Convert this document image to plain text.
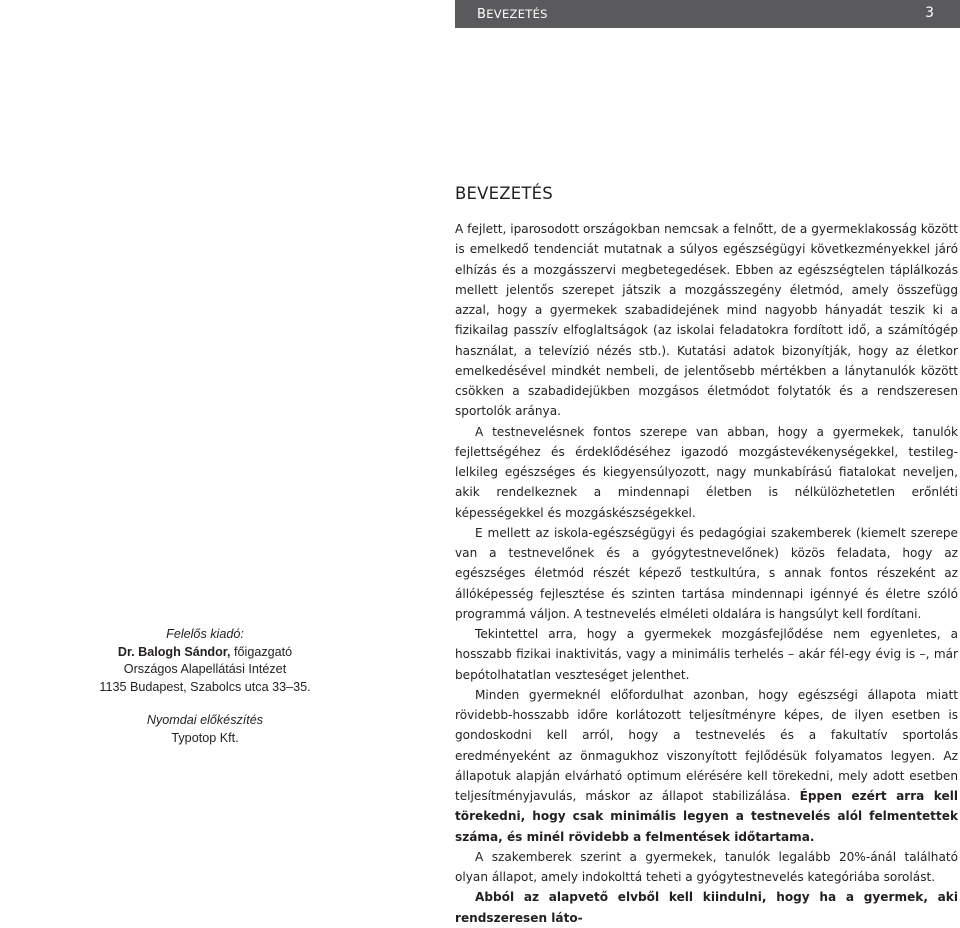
Felelős kiadó:
Dr. Balogh Sándor, főigazgató
Országos Alapellátási Intézet
1135 Budapest, Szabolcs utca 33–35.
Nyomdai előkészítés
Typotop Kft.
BEVEZETÉS	3
BEVEZETÉS

A fejlett, iparosodott országokban nemcsak a felnőtt, de a gyermeklakosság között is emelkedő tendenciát mutatnak a súlyos egészségügyi következményekkel járó elhízás és a mozgásszervi megbetegedések. Ebben az egészségtelen táplálkozás mellett jelentős szerepet játszik a mozgásszegény életmód, amely összefügg azzal, hogy a gyermekek szabadidejének mind nagyobb hányadát teszik ki a fizikailag passzív elfoglaltságok (az iskolai feladatokra fordított idő, a számítógép használat, a televízió nézés stb.). Kutatási adatok bizonyítják, hogy az életkor emelkedésével mindkét nembeli, de jelentősebb mértékben a lánytanulók között csökken a szabadidejükben mozgásos életmódot folytatók és a rendszeresen sportolók aránya.

A testnevelésnek fontos szerepe van abban, hogy a gyermekek, tanulók fejlettségéhez és érdeklődéséhez igazodó mozgástevékenységekkel, testileg-lelkileg egészséges és kiegyensúlyozott, nagy munkabírású fiatalokat neveljen, akik rendelkeznek a mindennapi életben is nélkülözhetetlen erőnléti képességekkel és mozgáskészségekkel.

E mellett az iskola-egészségügyi és pedagógiai szakemberek (kiemelt szerepe van a testnevelőnek és a gyógytestnevelőnek) közös feladata, hogy az egészséges életmód részét képező testkultúra, s annak fontos részeként az állóképesség fejlesztése és szinten tartása mindennapi igénnyé és életre szóló programmá váljon. A testnevelés elméleti oldalára is hangsúlyt kell fordítani.

Tekintettel arra, hogy a gyermekek mozgásfejlődése nem egyenletes, a hosszabb fizikai inaktivitás, vagy a minimális terhelés – akár fél-egy évig is –, már bepótolhatatlan veszteséget jelenthet.

Minden gyermeknél előfordulhat azonban, hogy egészségi állapota miatt rövidebb-hosszabb időre korlátozott teljesítményre képes, de ilyen esetben is gondoskodni kell arról, hogy a testnevelés és a fakultatív sportolás eredményeként az önmagukhoz viszonyított fejlődésük folyamatos legyen. Az állapotuk alapján elvárható optimum elérésére kell törekedni, mely adott esetben teljesítményjavulás, máskor az állapot stabilizálása. Éppen ezért arra kell törekedni, hogy csak minimális legyen a testnevelés alól felmentettek száma, és minél rövidebb a felmentések időtartama.

A szakemberek szerint a gyermekek, tanulók legalább 20%-ánál található olyan állapot, amely indokolttá teheti a gyógytestnevelés kategóriába sorolást.

Abból az alapvető elvből kell kiindulni, hogy ha a gyermek, aki rendszeresen láto-
